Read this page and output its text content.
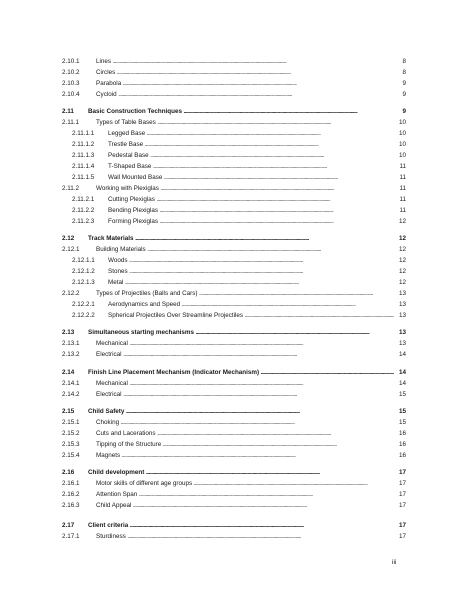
2.10.1	Lines . . .	8
2.10.2	Circles . . .	8
2.10.3	Parabola . . .	9
2.10.4	Cycloid . . .	9
2.11 Basic Construction Techniques . . .	9
2.11.1	Types of Table Bases . . .	10
2.11.1.1 Legged Base . . .	10
2.11.1.2 Trestle Base . . .	10
2.11.1.3 Pedestal Base . . .	10
2.11.1.4 T-Shaped Base . . .	11
2.11.1.5 Wall Mounted Base . . .	11
2.11.2	Working with Plexiglas . . .	11
2.11.2.1 Cutting Plexiglas . . .	11
2.11.2.2 Bending Plexiglas . . .	11
2.11.2.3 Forming Plexiglas . . .	12
2.12 Track Materials . . .	12
2.12.1	Building Materials . . .	12
2.12.1.1 Woods . . .	12
2.12.1.2 Stones . . .	12
2.12.1.3 Metal . . .	12
2.12.2	Types of Projectiles (Balls and Cars) . . .	13
2.12.2.1 Aerodynamics and Speed . . .	13
2.12.2.2 Spherical Projectiles Over Streamline Projectiles . . .	13
2.13 Simultaneous starting mechanisms . . .	13
2.13.1	Mechanical . . .	13
2.13.2	Electrical . . .	14
2.14 Finish Line Placement Mechanism (Indicator Mechanism) . . .	14
2.14.1	Mechanical . . .	14
2.14.2	Electrical . . .	15
2.15 Child Safety . . .	15
2.15.1	Choking . . .	15
2.15.2	Cuts and Lacerations . . .	16
2.15.3	Tipping of the Structure . . .	16
2.15.4	Magnets . . .	16
2.16 Child development . . .	17
2.16.1	Motor skills of different age groups . . .	17
2.16.2	Attention Span . . .	17
2.16.3	Child Appeal . . .	17
2.17 Client criteria . . .	17
2.17.1	Sturdiness . . .	17
iii
